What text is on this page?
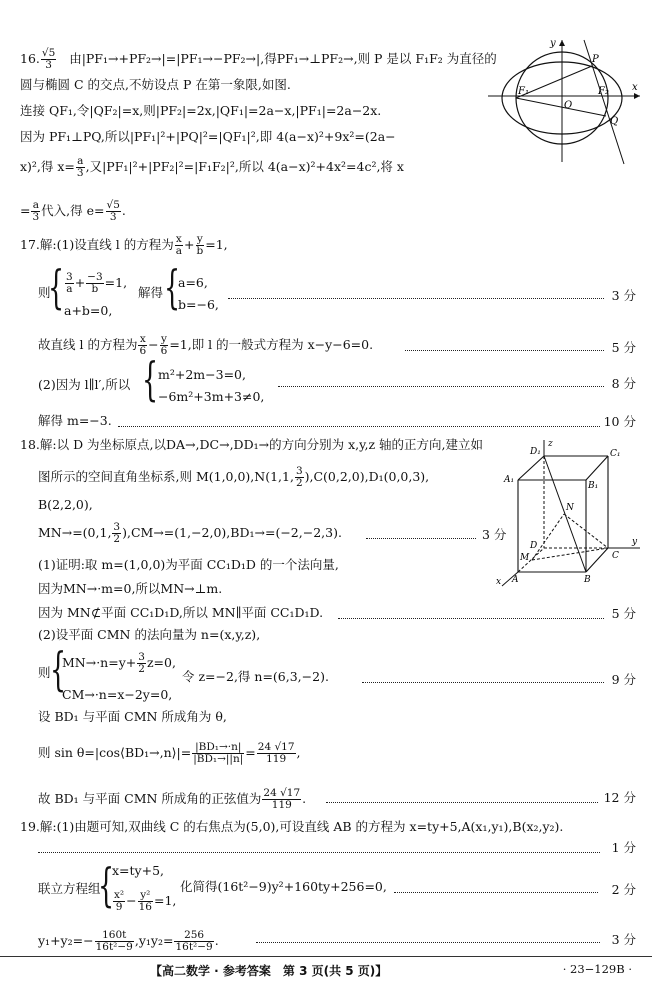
16. $\frac{√5}{3}$ 由|PF₁→+PF₂→|=|PF₁→−PF₂→|,得PF₁→⊥PF₂→,则 P 是以 F₁F₂ 为直径的
圆与椭圆 C 的交点,不妨设点 P 在第一象限,如图.
连接 QF₁,令|QF₂|=x,则|PF₂|=2x,|QF₁|=2a−x,|PF₁|=2a−2x.
因为 PF₁⊥PQ,所以|PF₁|²+|PQ|²=|QF₁|²,即 4(a−x)²+9x²=(2a−
x)²,得 $x= \frac{a}{3}$ ,又|PF₁|²+|PF₂|²=|F₁F₂|²,所以 4(a−x)²+4x²=4c²,将 x
= $\frac{a}{3}$ 代入,得 $e= \frac{√5}{3}$ .
y
x
P
F₁
O
F₂
Q
17.解:(1)设直线 l 的方程为 $\frac{x}{a} + \frac{y}{b} =1$,
则
{ $\frac{3}{a} + \frac{-3}{b} =1$,
a+b=0,
解得 {
a=6,
b=−6,
3 分
故直线 l 的方程为 $\frac{x}{6} - \frac{y}{6} =1$,即 l 的一般式方程为 x−y−6=0.	5 分
(2)因为 l∥l′,所以 { m²+2m−3=0,
−6m²+3m+3≠0,
8 分
解得 m=−3.	10 分
18.解:以 D 为坐标原点,以DA→,DC→,DD₁→的方向分别为 x,y,z 轴的正方向,建立如
图所示的空间直角坐标系,则 M(1,0,0),N(1,1, $\frac{3}{2} ),C(0,2,0),D_1(0,0,3)$,
B(2,2,0),
MN→=(0,1, $\frac{3}{2} ),CM\to=(1,-2,0),BD_1\to=(-2,-2,3)$.	3 分
(1)证明:取 m=(1,0,0)为平面 CC₁D₁D 的一个法向量,
因为MN→·m=0,所以MN→⊥m.
因为 MN⊄平面 CC₁D₁D,所以 MN∥平面 CC₁D₁D.	5 分
(2)设平面 CMN 的法向量为 n=(x,y,z),
则 {
$MN\to\cdot n=y+ \frac{3}{2} z=0$,
CM→·n=x−2y=0,
令 z=−2,得 n=(6,3,−2).	9 分
设 BD₁ 与平面 CMN 所成角为 θ,
则 sin θ=|cos⟨BD₁→,n⟩|= $\frac{\text{|BD₁→·n|}}{\text{|BD₁→||n|}} = \frac{24 √17}{119}$ ,
故 BD₁ 与平面 CMN 所成角的正弦值为 $\frac{24 √17}{119}$ .	12 分
z
D₁	C₁
A₁
B₁
N
D
M
y
C
x A	B
19.解:(1)由题可知,双曲线 C 的右焦点为(5,0),可设直线 AB 的方程为 x=ty+5,A(x₁,y₁),B(x₂,y₂).
1 分
联立方程组
{
x=ty+5,
$\frac{\text{x²}}{9} - \frac{\text{y²}}{16} =1$,
化简得(16t²−9)y²+160ty+256=0,	2 分
$y_1+y_2=- \frac{160t}{\text{16t²−9}} ,y_1y_2= \frac{256}{\text{16t²−9}}$ .	3 分
【高二数学 · 参考答案　第 3 页(共 5 页)】	· 23−129B ·
